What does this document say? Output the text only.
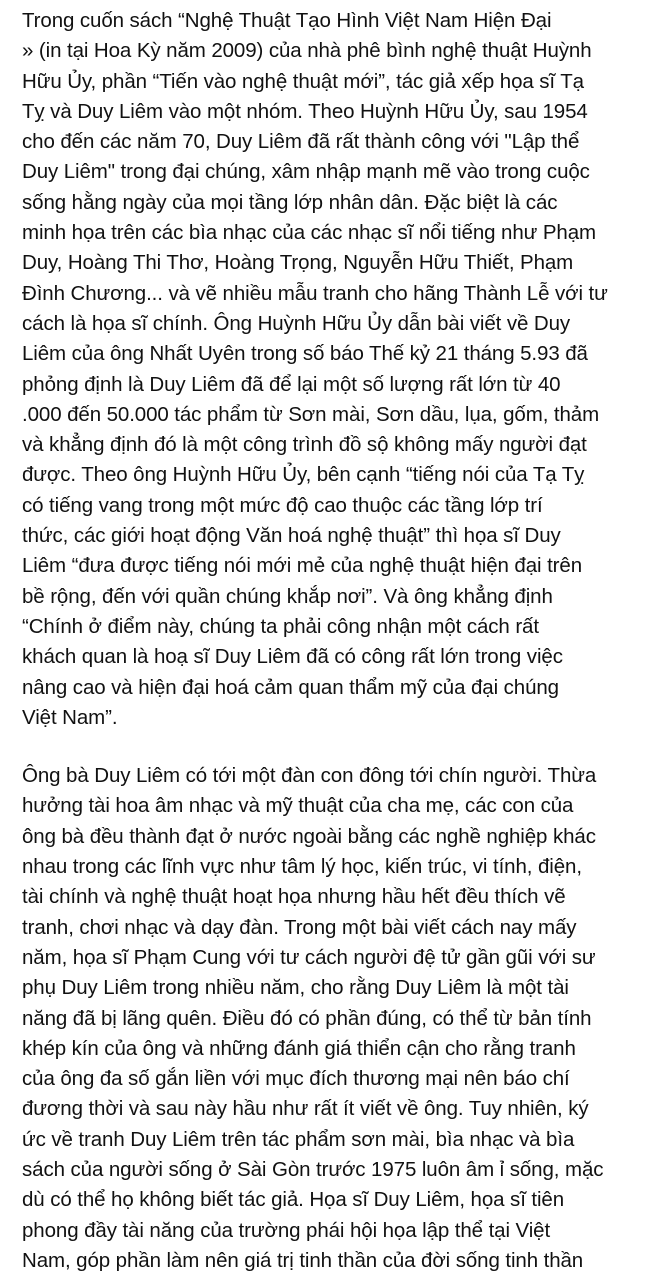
Trong cuốn sách “Nghệ Thuật Tạo Hình Việt Nam Hiện Đại
» (in tại Hoa Kỳ năm 2009) của nhà phê bình nghệ thuật Huỳnh
Hữu Ủy, phần “Tiến vào nghệ thuật mới”, tác giả xếp họa sĩ Tạ
Tỵ và Duy Liêm vào một nhóm. Theo Huỳnh Hữu Ủy, sau 1954
cho đến các năm 70, Duy Liêm đã rất thành công với "Lập thể
Duy Liêm" trong đại chúng, xâm nhập mạnh mẽ vào trong cuộc
sống hằng ngày của mọi tầng lớp nhân dân. Đặc biệt là các
minh họa trên các bìa nhạc của các nhạc sĩ nổi tiếng như Phạm
Duy, Hoàng Thi Thơ, Hoàng Trọng, Nguyễn Hữu Thiết, Phạm
Đình Chương... và vẽ nhiều mẫu tranh cho hãng Thành Lễ với tư
cách là họa sĩ chính. Ông Huỳnh Hữu Ủy dẫn bài viết về Duy
Liêm của ông Nhất Uyên trong số báo Thế kỷ 21 tháng 5.93 đã
phỏng định là Duy Liêm đã để lại một số lượng rất lớn từ 40
.000 đến 50.000 tác phẩm từ Sơn mài, Sơn dầu, lụa, gốm, thảm
và khẳng định đó là một công trình đồ sộ không mấy người đạt
được. Theo ông Huỳnh Hữu Ủy, bên cạnh “tiếng nói của Tạ Tỵ
có tiếng vang trong một mức độ cao thuộc các tầng lớp trí
thức, các giới hoạt động Văn hoá nghệ thuật” thì họa sĩ Duy
Liêm “đưa được tiếng nói mới mẻ của nghệ thuật hiện đại trên
bề rộng, đến với quần chúng khắp nơi”. Và ông khẳng định
“Chính ở điểm này, chúng ta phải công nhận một cách rất
khách quan là hoạ sĩ Duy Liêm đã có công rất lớn trong việc
nâng cao và hiện đại hoá cảm quan thẩm mỹ của đại chúng
Việt Nam”.
Ông bà Duy Liêm có tới một đàn con đông tới chín người. Thừa
hưởng tài hoa âm nhạc và mỹ thuật của cha mẹ, các con của
ông bà đều thành đạt ở nước ngoài bằng các nghề nghiệp khác
nhau trong các lĩnh vực như tâm lý học, kiến trúc, vi tính, điện,
tài chính và nghệ thuật hoạt họa nhưng hầu hết đều thích vẽ
tranh, chơi nhạc và dạy đàn. Trong một bài viết cách nay mấy
năm, họa sĩ Phạm Cung với tư cách người đệ tử gần gũi với sư
phụ Duy Liêm trong nhiều năm, cho rằng Duy Liêm là một tài
năng đã bị lãng quên. Điều đó có phần đúng, có thể từ bản tính
khép kín của ông và những đánh giá thiển cận cho rằng tranh
của ông đa số gắn liền với mục đích thương mại nên báo chí
đương thời và sau này hầu như rất ít viết về ông. Tuy nhiên, ký
ức về tranh Duy Liêm trên tác phẩm sơn mài, bìa nhạc và bìa
sách của người sống ở Sài Gòn trước 1975 luôn âm ỉ sống, mặc
dù có thể họ không biết tác giả. Họa sĩ Duy Liêm, họa sĩ tiên
phong đầy tài năng của trường phái hội họa lập thể tại Việt
Nam, góp phần làm nên giá trị tinh thần của đời sống tinh thần
